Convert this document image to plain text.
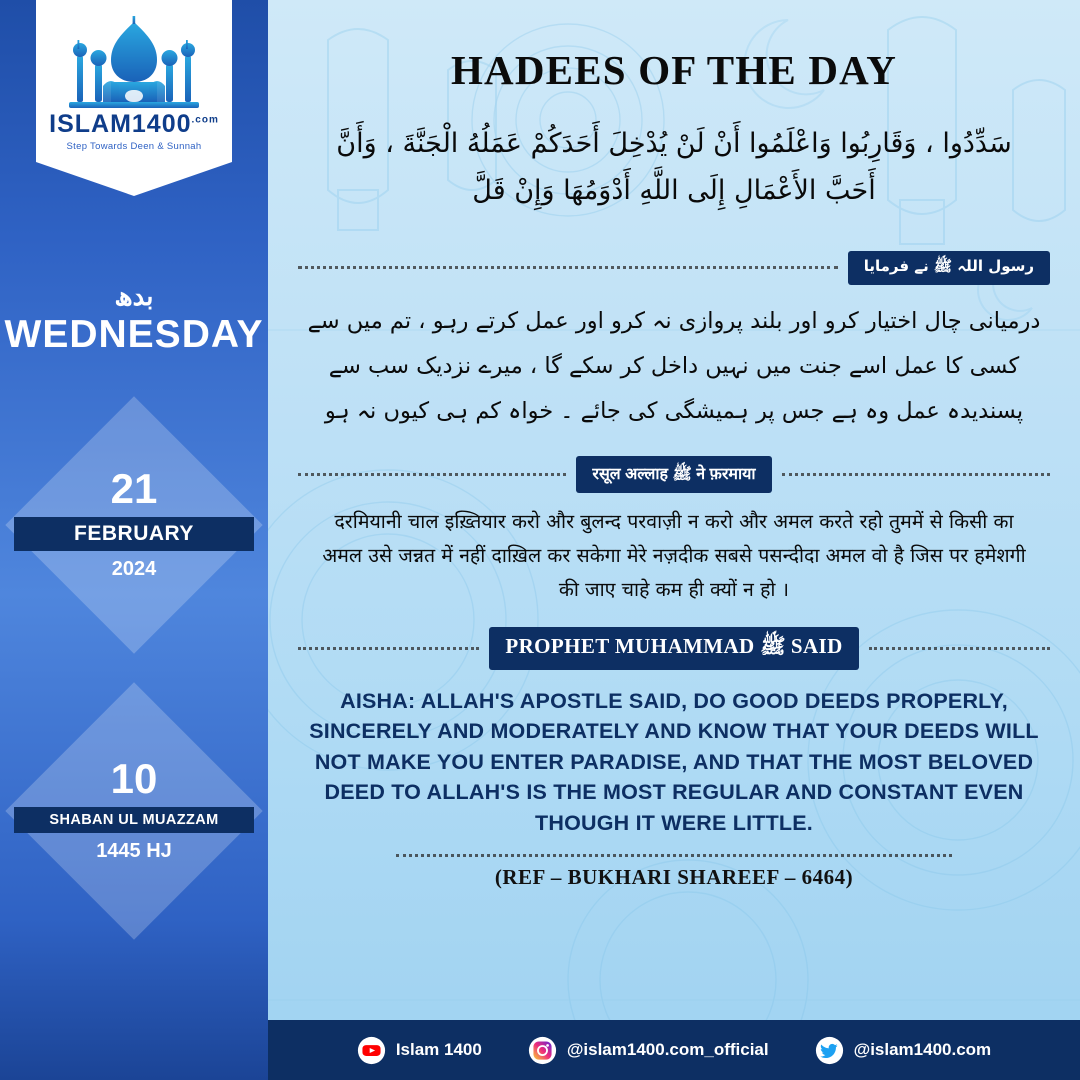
$ISLAM1400^{.com}$
Step Towards Deen & Sunnah
بدھ
WEDNESDAY
21
FEBRUARY
2024
10
SHABAN UL MUAZZAM
1445 HJ
HADEES OF THE DAY
سَدِّدُوا ، وَقَارِبُوا وَاعْلَمُوا أَنْ لَنْ يُدْخِلَ أَحَدَكُمْ عَمَلُهُ الْجَنَّةَ ، وَأَنَّ أَحَبَّ الأَعْمَالِ إِلَى اللَّهِ أَدْوَمُهَا وَإِنْ قَلَّ
رسول اللہ ﷺ نے فرمایا
درمیانی چال اختیار کرو اور بلند پروازی نہ کرو اور عمل کرتے رہو ، تم میں سے کسی کا عمل اسے جنت میں نہیں داخل کر سکے گا ، میرے نزدیک سب سے پسندیدہ عمل وہ ہے جس پر ہمیشگی کی جائے ۔ خواہ کم ہی کیوں نہ ہو
रसूल अल्लाह ﷺ ने फ़रमाया
दरमियानी चाल इख़्तियार करो और बुलन्द परवाज़ी न करो और अमल करते रहो तुममें से किसी का अमल उसे जन्नत में नहीं दाख़िल कर सकेगा मेरे नज़दीक सबसे पसन्दीदा अमल वो है जिस पर हमेशगी की जाए चाहे कम ही क्यों न हो ।
PROPHET MUHAMMAD ﷺ SAID
AISHA: ALLAH'S APOSTLE SAID, DO GOOD DEEDS PROPERLY, SINCERELY AND MODERATELY AND KNOW THAT YOUR DEEDS WILL NOT MAKE YOU ENTER PARADISE, AND THAT THE MOST BELOVED DEED TO ALLAH'S IS THE MOST REGULAR AND CONSTANT EVEN THOUGH IT WERE LITTLE.
(REF – BUKHARI SHAREEF – 6464)
Islam 1400	@islam1400.com_official	@islam1400.com
